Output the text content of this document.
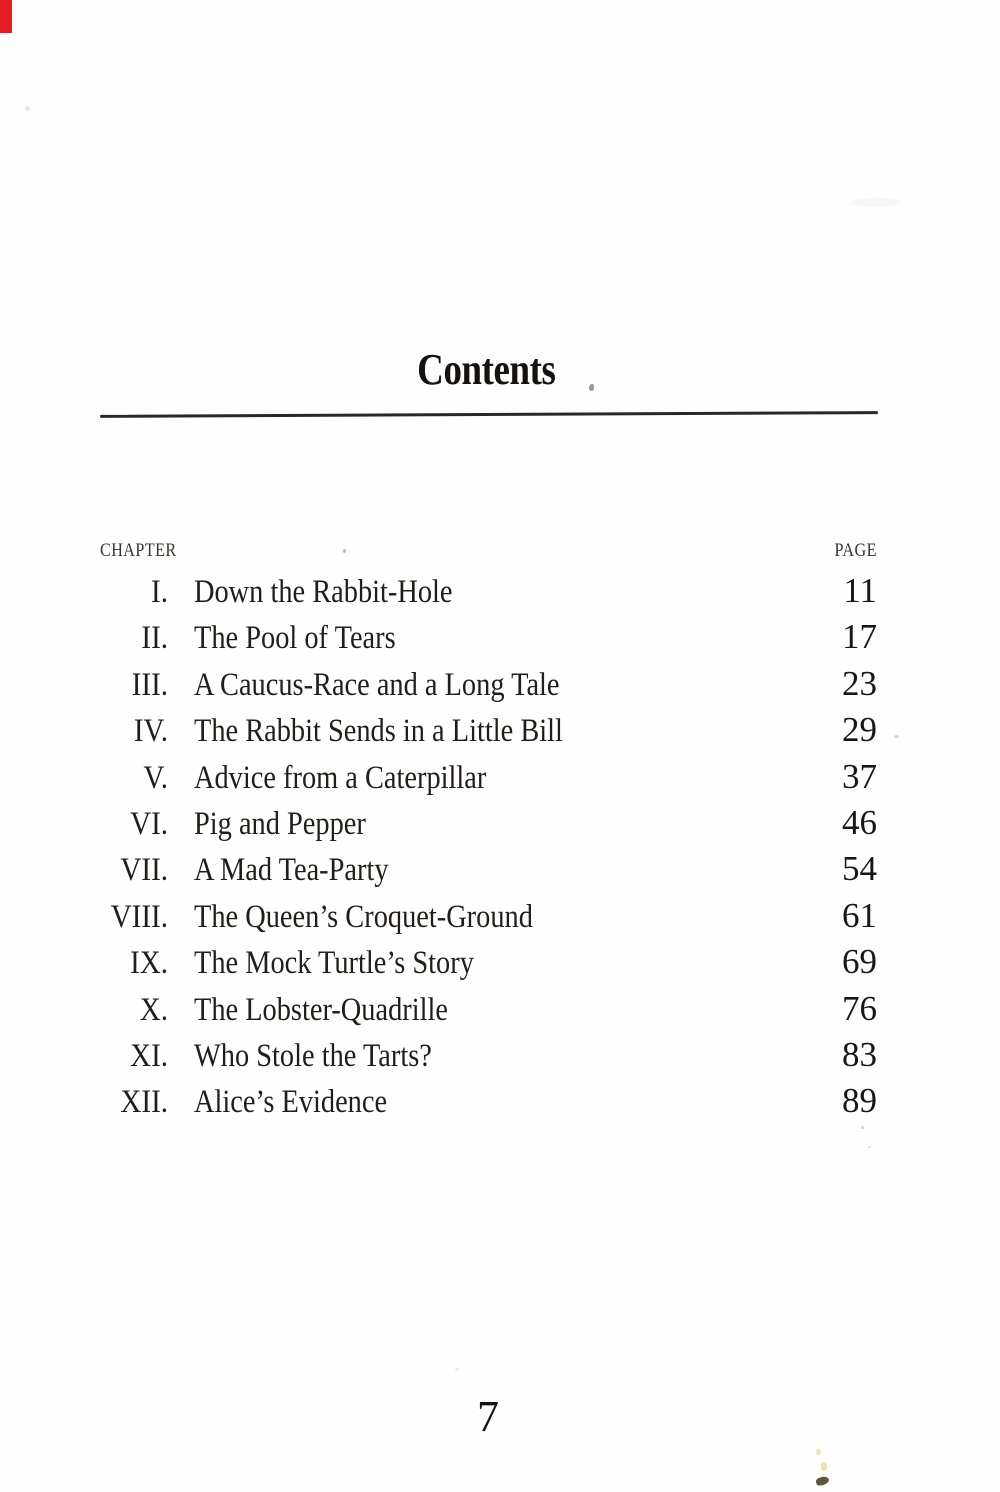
Contents
CHAPTER	PAGE
I. Down the Rabbit-Hole	11
II. The Pool of Tears	17
III. A Caucus-Race and a Long Tale	23
IV. The Rabbit Sends in a Little Bill	29
V. Advice from a Caterpillar	37
VI. Pig and Pepper	46
VII. A Mad Tea-Party	54
VIII. The Queen’s Croquet-Ground	61
IX. The Mock Turtle’s Story	69
X. The Lobster-Quadrille	76
XI. Who Stole the Tarts?	83
XII. Alice’s Evidence	89
7
